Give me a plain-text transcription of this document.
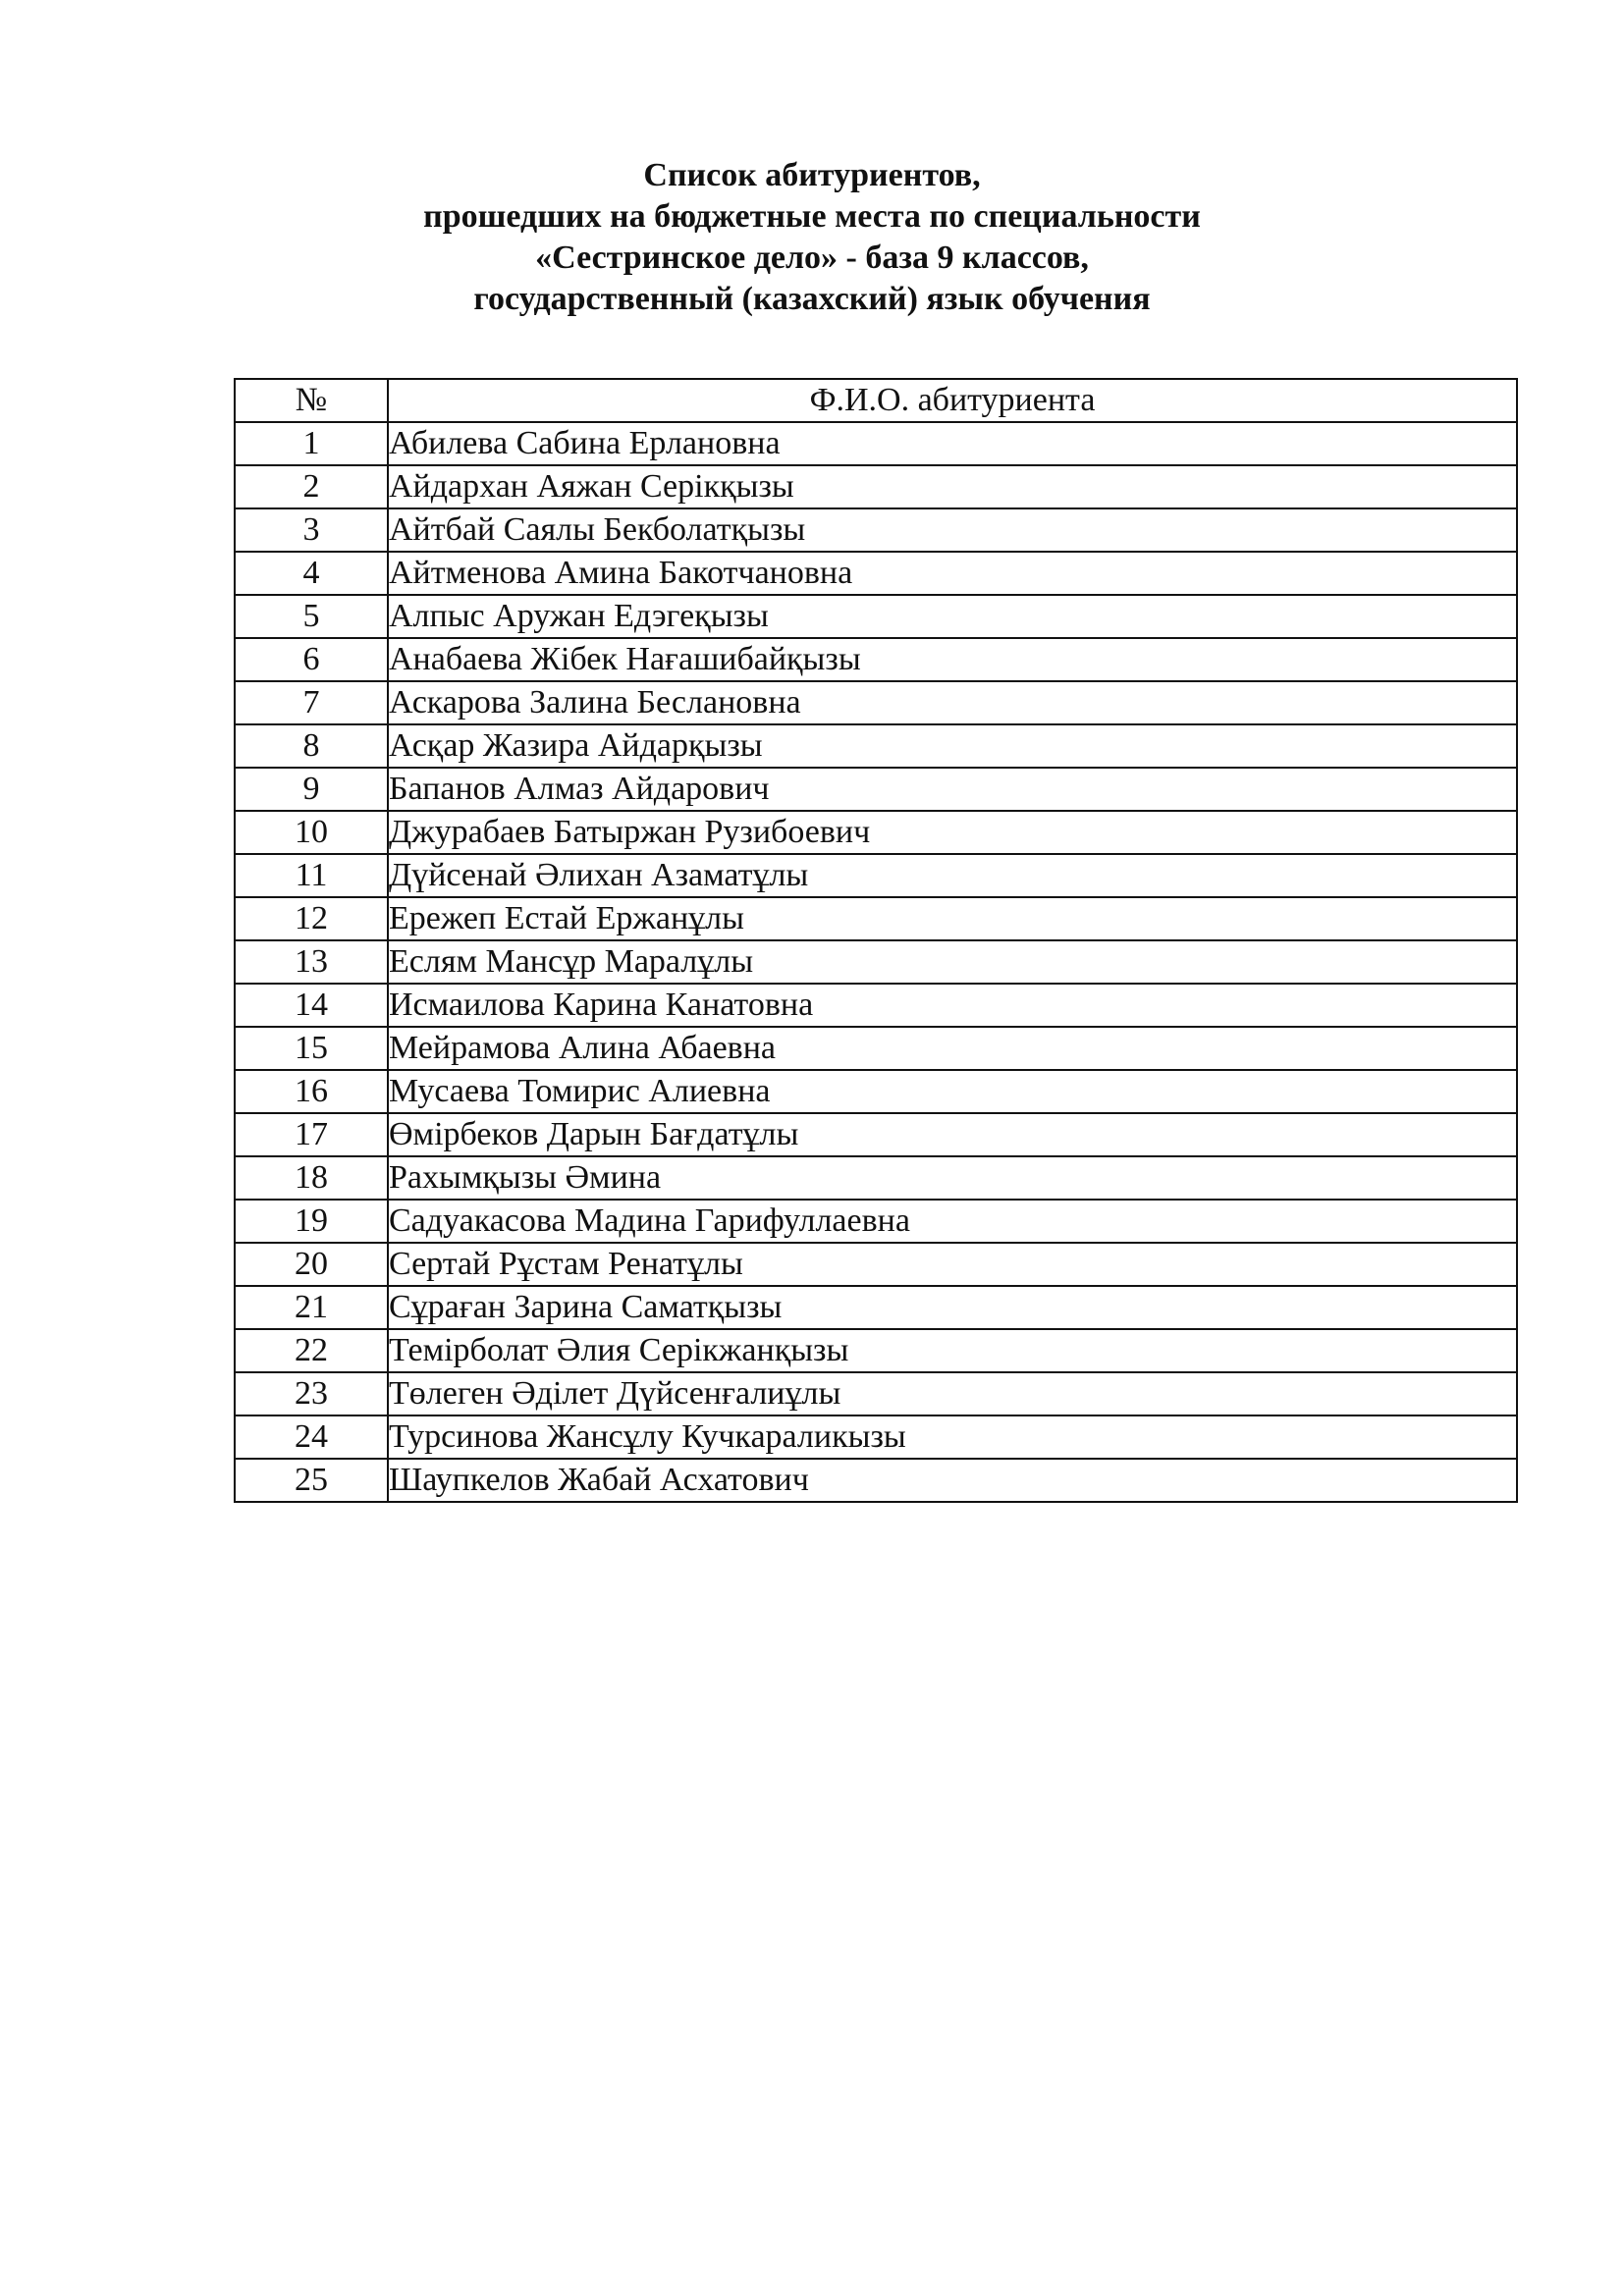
Список абитуриентов,
прошедших на бюджетные места по специальности
«Сестринское дело» - база 9 классов,
государственный (казахский) язык обучения
№	Ф.И.О. абитуриента
1	Абилева Сабина Ерлановна
2	Айдархан Аяжан Серікқызы
3	Айтбай Саялы Бекболатқызы
4	Айтменова Амина Бакотчановна
5	Алпыс Аружан Едэгеқызы
6	Анабаева Жібек Нағашибайқызы
7	Аскарова Залина Беслановна
8	Асқар Жазира Айдарқызы
9	Бапанов Алмаз Айдарович
10	Джурабаев Батыржан Рузибоевич
11	Дүйсенай Әлихан Азаматұлы
12	Ережеп Естай Ержанұлы
13	Еслям Мансұр Маралұлы
14	Исмаилова Карина Канатовна
15	Мейрамова Алина Абаевна
16	Мусаева Томирис Алиевна
17	Өмірбеков Дарын Бағдатұлы
18	Рахымқызы Әмина
19	Садуакасова Мадина Гарифуллаевна
20	Сертай Рұстам Ренатұлы
21	Сұраған Зарина Саматқызы
22	Темірболат Әлия Серікжанқызы
23	Төлеген Әділет Дүйсенғалиұлы
24	Турсинова Жансұлу Кучкараликызы
25	Шаупкелов Жабай Асхатович
